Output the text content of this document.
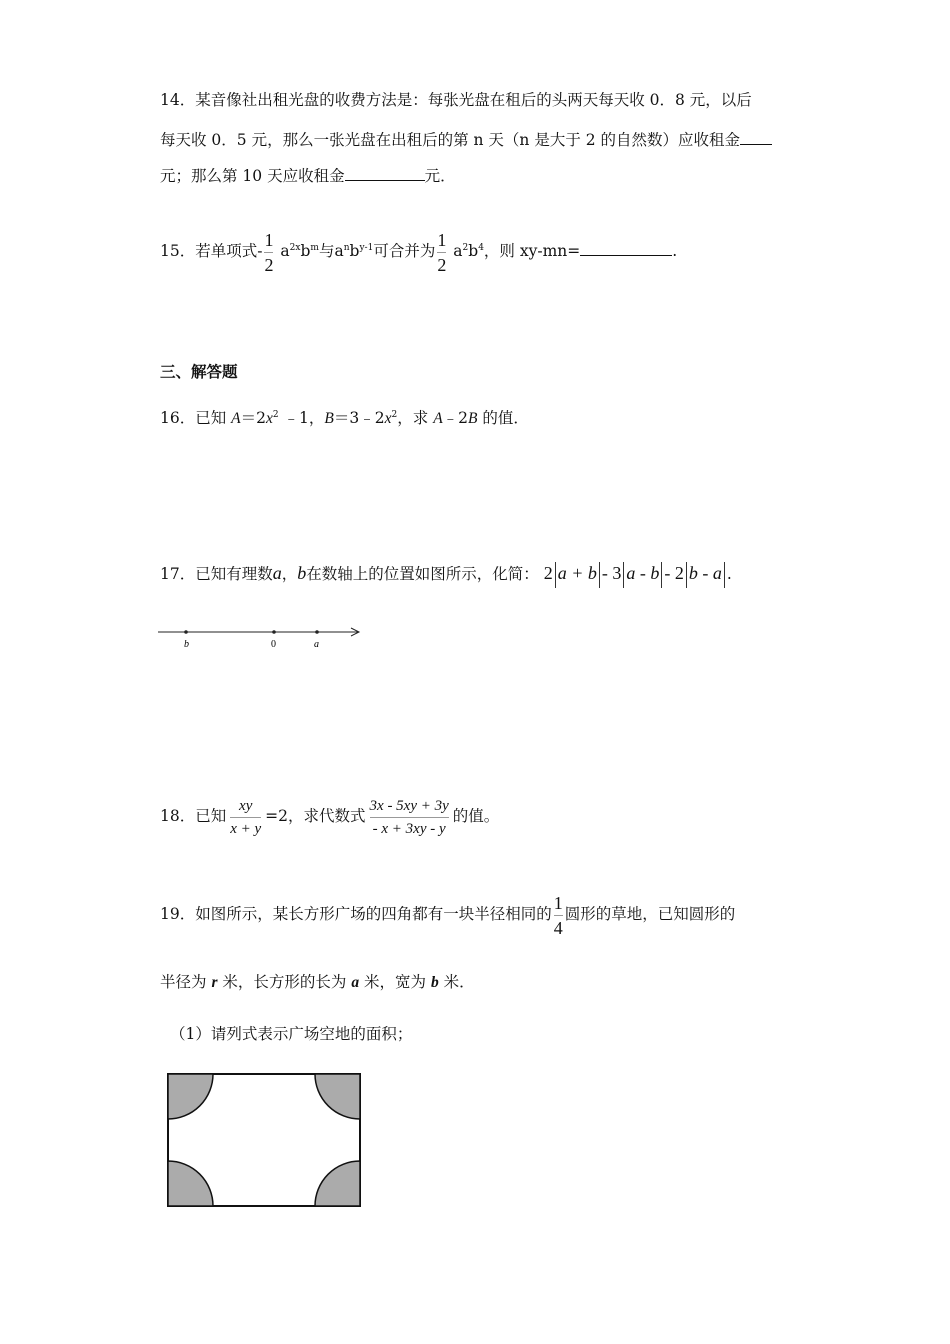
14．某音像社出租光盘的收费方法是：每张光盘在租后的头两天每天收 0．8 元，以后
每天收 0．5 元，那么一张光盘在出租后的第 n 天（n 是大于 2 的自然数）应收租金
元；那么第 10 天应收租金	元．
15．若单项式- $\frac{1}{2} a^{2x}b^m$与$a^nb^{y-1}$可合并为 $\frac{1}{2} a^2b^4$，则 xy-mn=	.
三、解答题
16．已知 $A=2x^2$ ﹣1，$B=3﹣2x^2$，求 A﹣2B 的值．
17．已知有理数a，b在数轴上的位置如图所示，化简： 2 a + b - 3 a - b - 2 b - a .
b	0	a
18．已知 $\frac{xy}{x + y} =2$，求代数式 $\frac{3x - 5xy + 3y}{- x + 3xy - y}$ 的值。
19．如图所示，某长方形广场的四角都有一块半径相同的 $\frac{1}{4}$ 圆形的草地，已知圆形的
半径为 r 米，长方形的长为 a 米，宽为 b 米．
（1）请列式表示广场空地的面积；
